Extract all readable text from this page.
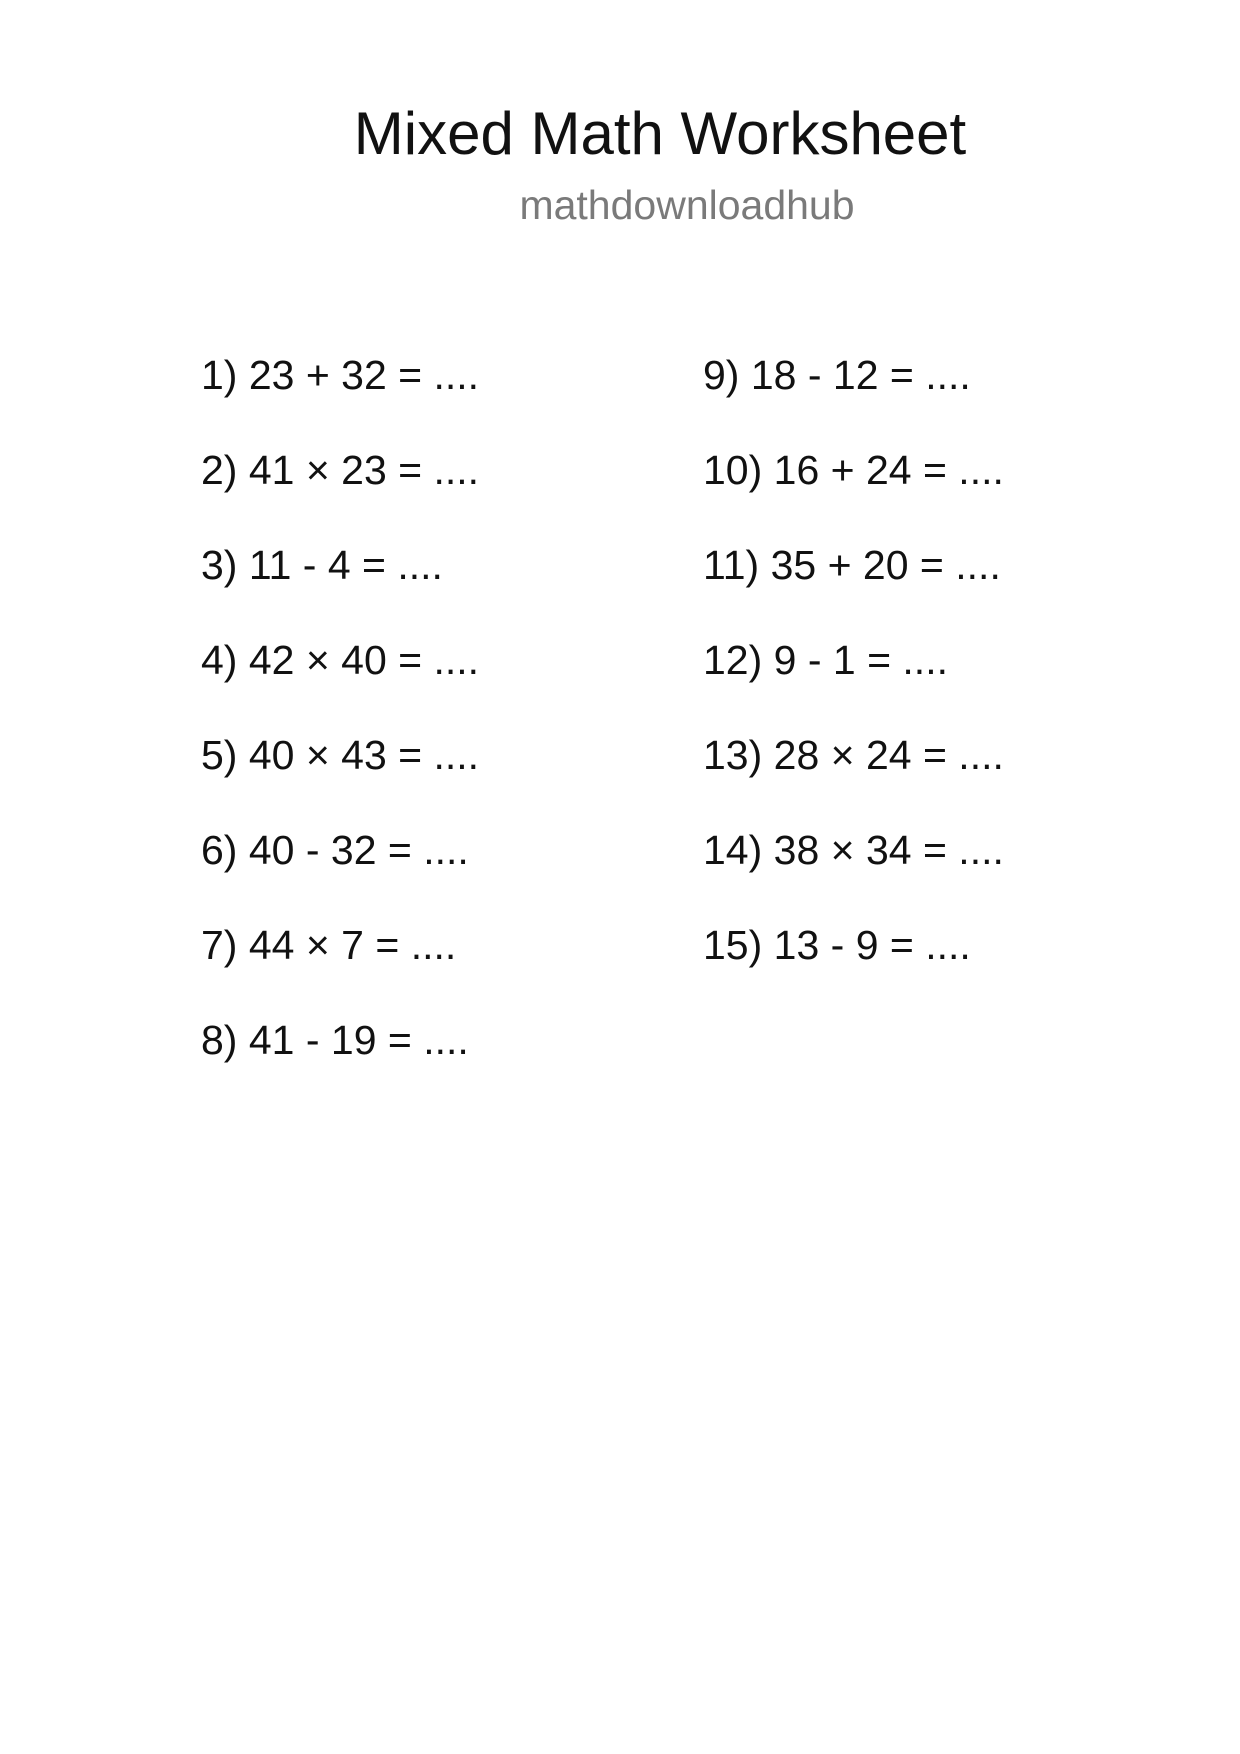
Mixed Math Worksheet
mathdownloadhub
1) 23 + 32 = ....
2) 41 × 23 = ....
3) 11 - 4 = ....
4) 42 × 40 = ....
5) 40 × 43 = ....
6) 40 - 32 = ....
7) 44 × 7 = ....
8) 41 - 19 = ....
9) 18 - 12 = ....
10) 16 + 24 = ....
11) 35 + 20 = ....
12) 9 - 1 = ....
13) 28 × 24 = ....
14) 38 × 34 = ....
15) 13 - 9 = ....
